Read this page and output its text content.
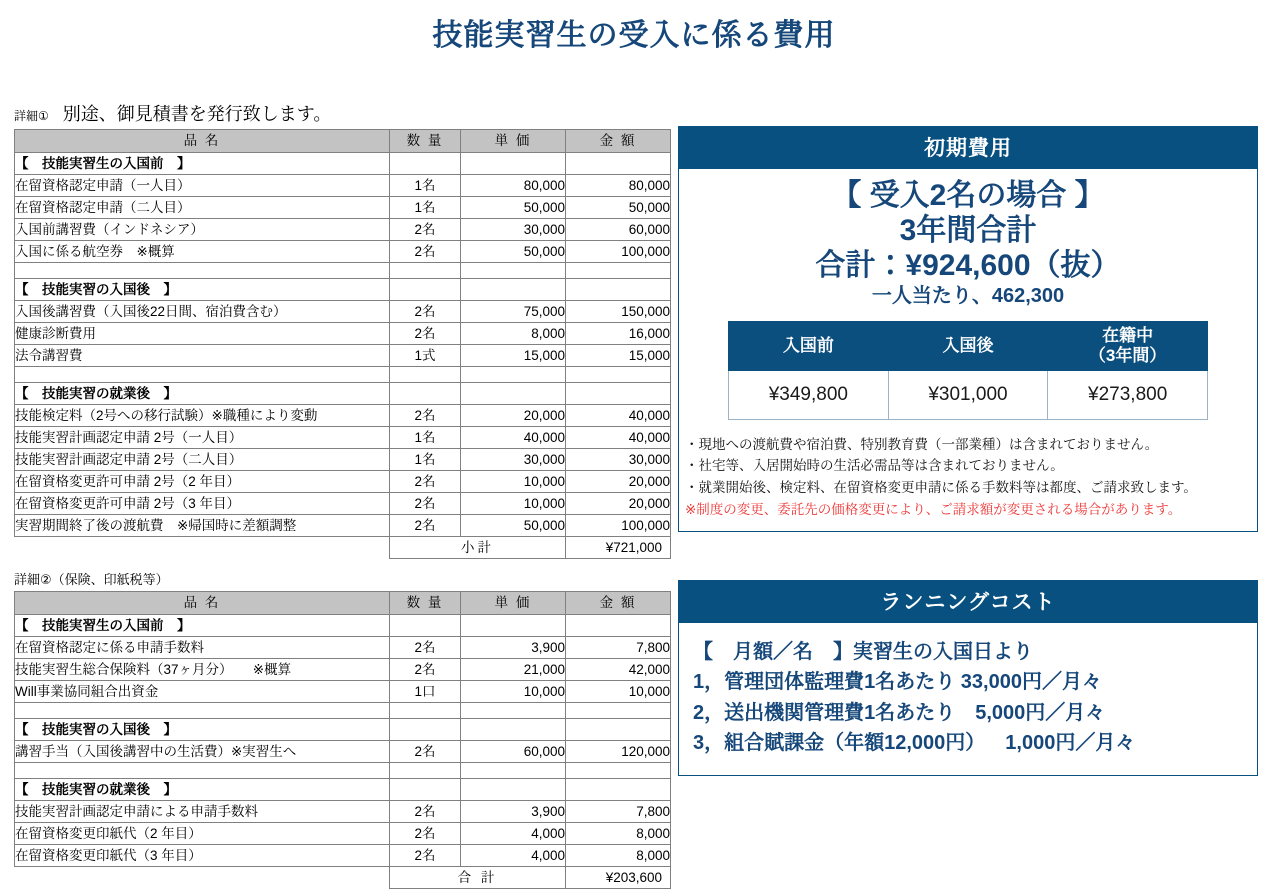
技能実習生の受入に係る費用
詳細① 別途、御見積書を発行致します。
品 名	数 量	単 価	金 額
【　技能実習生の入国前　】			
在留資格認定申請（一人目）	1名	80,000	80,000
在留資格認定申請（二人目）	1名	50,000	50,000
入国前講習費（インドネシア）	2名	30,000	60,000
入国に係る航空券　※概算	2名	50,000	100,000

【　技能実習の入国後　】			
入国後講習費（入国後22日間、宿泊費含む）	2名	75,000	150,000
健康診断費用	2名	8,000	16,000
法令講習費	1式	15,000	15,000

【　技能実習の就業後　】			
技能検定料（2号への移行試験）※職種により変動	2名	20,000	40,000
技能実習計画認定申請 2号（一人目）	1名	40,000	40,000
技能実習計画認定申請 2号（二人目）	1名	30,000	30,000
在留資格変更許可申請 2号（2 年目）	2名	10,000	20,000
在留資格変更許可申請 2号（3 年目）	2名	10,000	20,000
実習期間終了後の渡航費　※帰国時に差額調整	2名	50,000	100,000
	小計		¥721,000
詳細②（保険、印紙税等）
品 名	数 量	単 価	金 額
【　技能実習生の入国前　】			
在留資格認定に係る申請手数料	2名	3,900	7,800
技能実習生総合保険料（37ヶ月分）　　※概算	2名	21,000	42,000
Will事業協同組合出資金	1口	10,000	10,000

【　技能実習の入国後　】			
講習手当（入国後講習中の生活費）※実習生へ	2名	60,000	120,000

【　技能実習の就業後　】			
技能実習計画認定申請による申請手数料	2名	3,900	7,800
在留資格変更印紙代（2 年目）	2名	4,000	8,000
在留資格変更印紙代（3 年目）	2名	4,000	8,000
	合 計		¥203,600
初期費用
【 受入2名の場合 】
3年間合計
合計：¥924,600（抜）
一人当たり、462,300
入国前	入国後	在籍中
（3年間）

¥349,800	¥301,000	¥273,800
・現地への渡航費や宿泊費、特別教育費（一部業種）は含まれておりません。
・社宅等、入居開始時の生活必需品等は含まれておりません。
・就業開始後、検定料、在留資格変更申請に係る手数料等は都度、ご請求致します。
※制度の変更、委託先の価格変更により、ご請求額が変更される場合があります。
ランニングコスト
【　月額／名　】実習生の入国日より
1，管理団体監理費1名あたり 33,000円／月々
2，送出機関管理費1名あたり　5,000円／月々
3，組合賦課金（年額12,000円）　1,000円／月々
